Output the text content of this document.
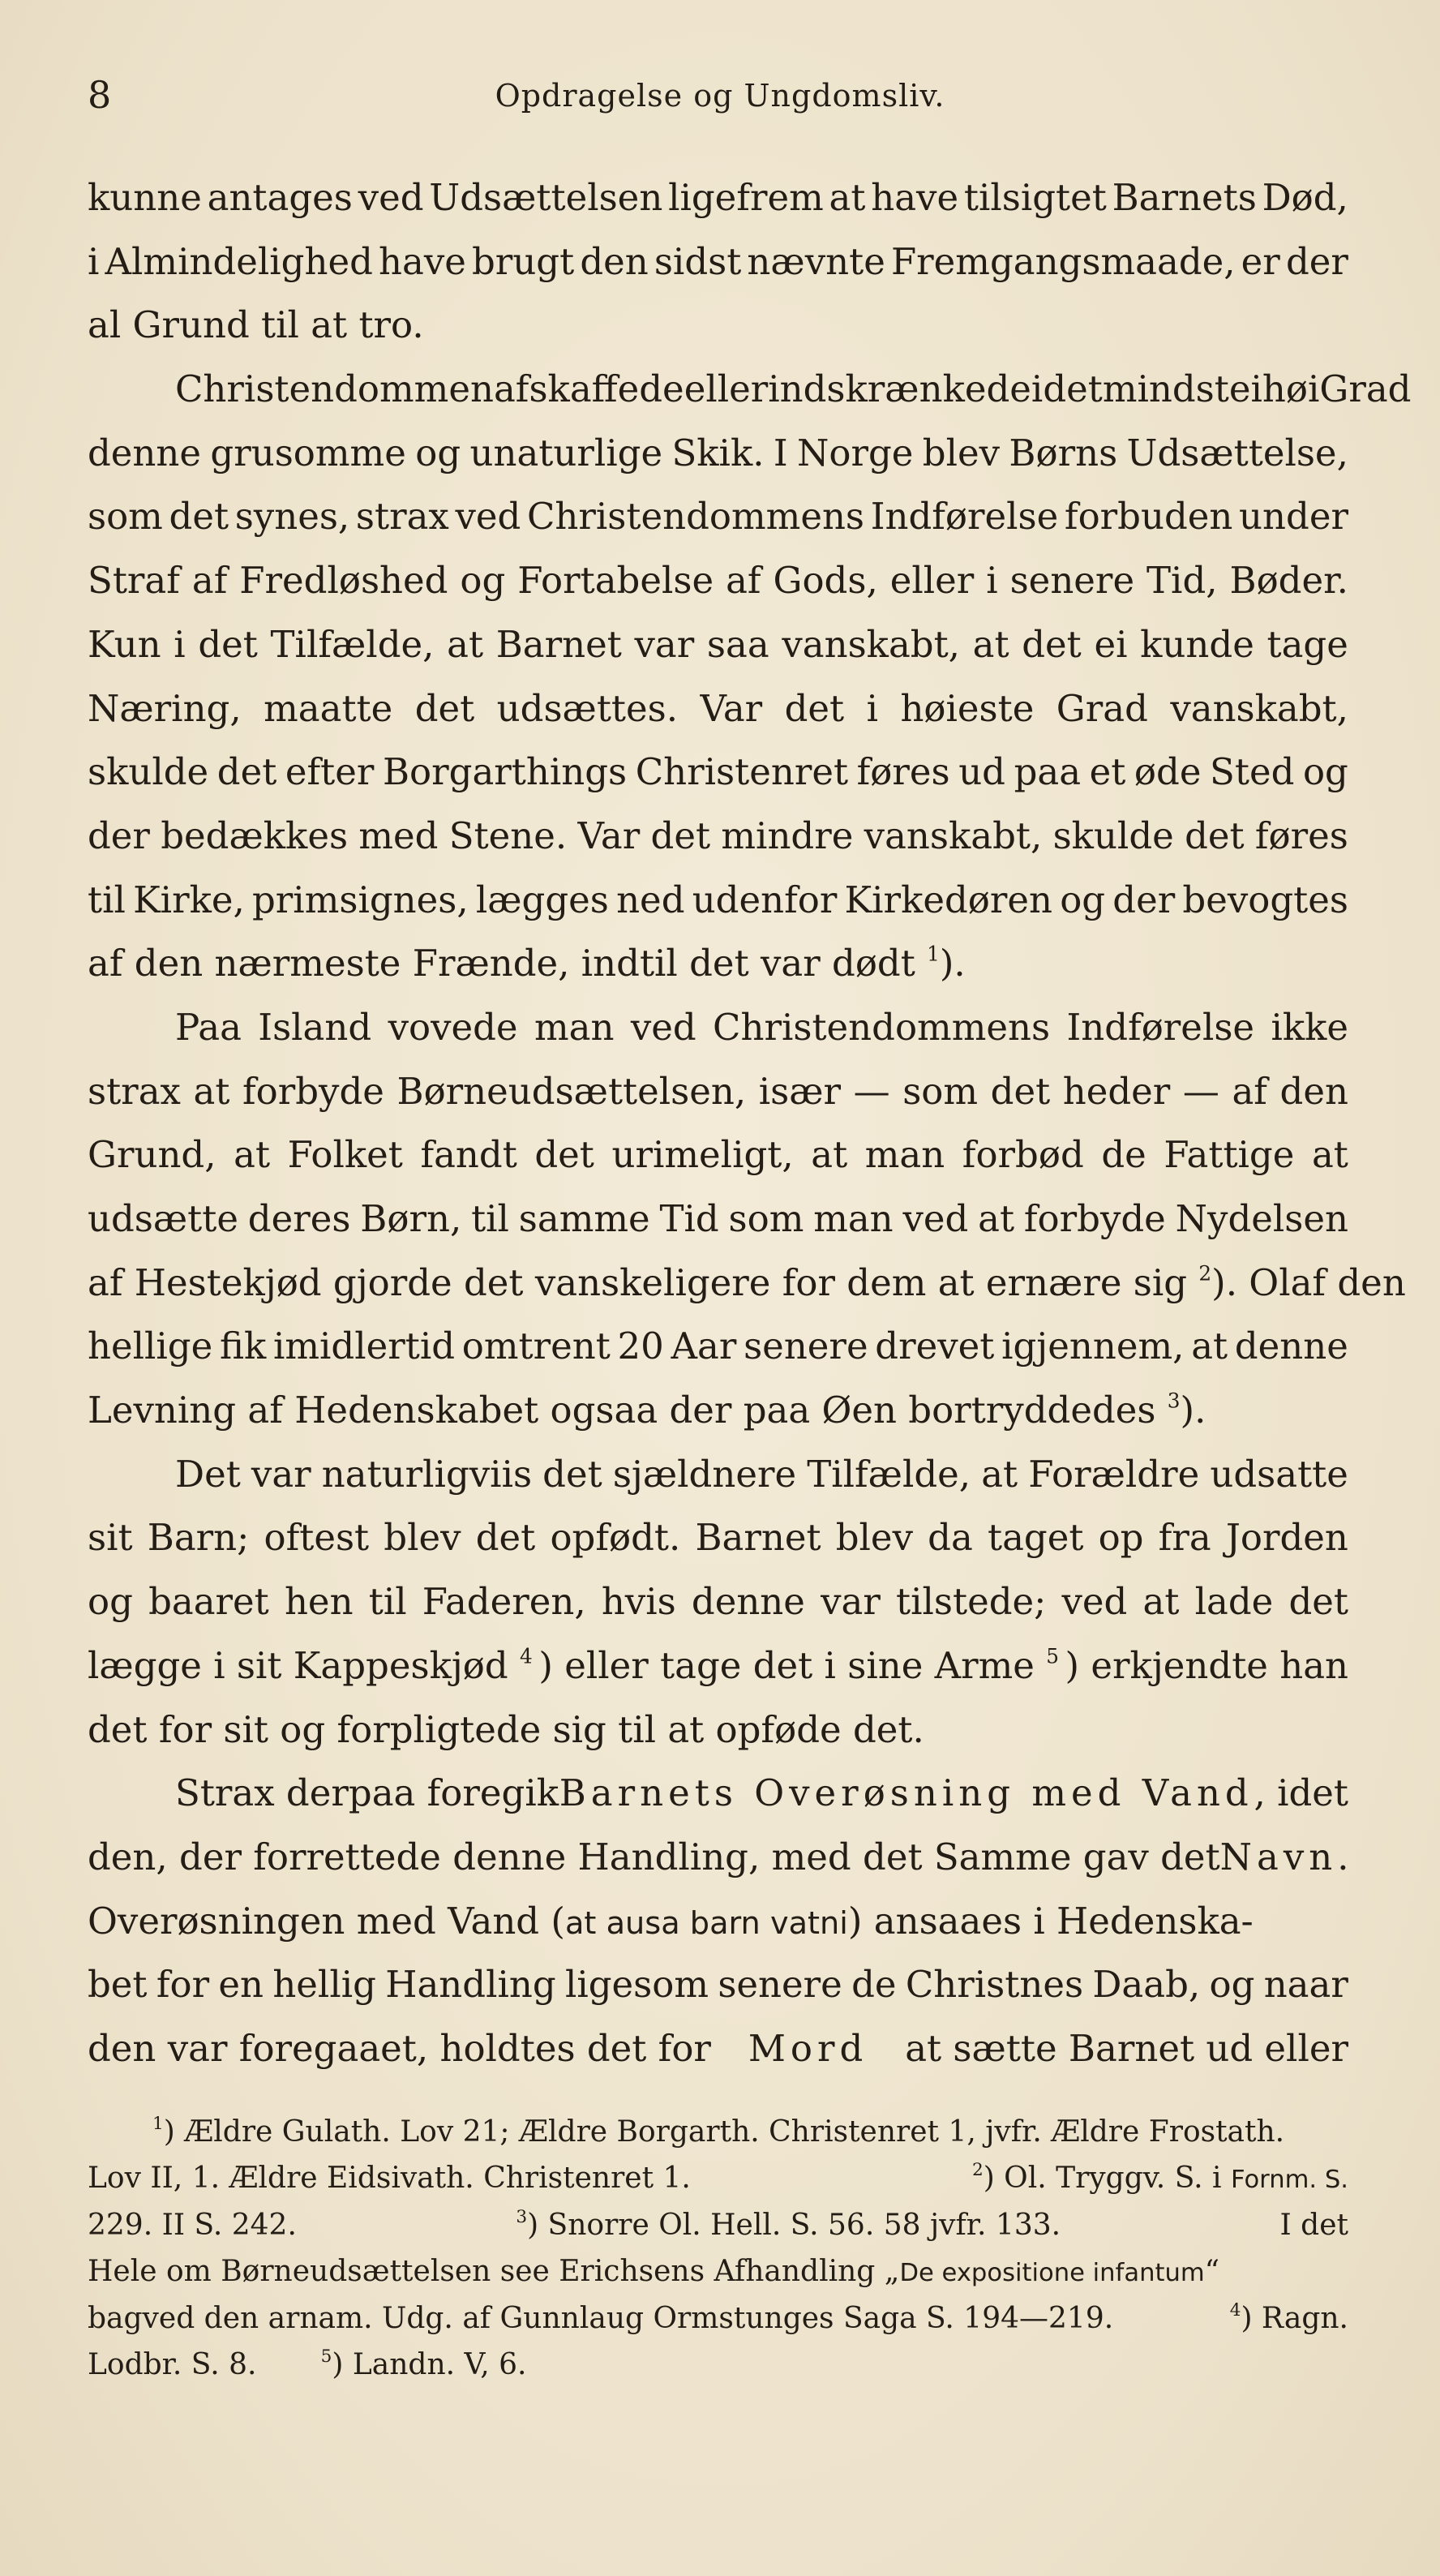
8	Opdragelse og Ungdomsliv.
kunne antages ved Udsættelsen ligefrem at have tilsigtet Barnets Død,
i Almindelighed have brugt den sidst nævnte Fremgangsmaade, er der
al Grund til at tro.
Christendommen afskaffede eller indskrænkede idetmindste i høi Grad
denne grusomme og unaturlige Skik. I Norge blev Børns Udsættelse,
som det synes, strax ved Christendommens Indførelse forbuden under
Straf af Fredløshed og Fortabelse af Gods, eller i senere Tid, Bøder.
Kun i det Tilfælde, at Barnet var saa vanskabt, at det ei kunde tage
Næring, maatte det udsættes. Var det i høieste Grad vanskabt,
skulde det efter Borgarthings Christenret føres ud paa et øde Sted og
der bedækkes med Stene. Var det mindre vanskabt, skulde det føres
til Kirke, primsignes, lægges ned udenfor Kirkedøren og der bevogtes
af den nærmeste Frænde, indtil det var dødt $^1$).
Paa Island vovede man ved Christendommens Indførelse ikke
strax at forbyde Børneudsættelsen, især — som det heder — af den
Grund, at Folket fandt det urimeligt, at man forbød de Fattige at
udsætte deres Børn, til samme Tid som man ved at forbyde Nydelsen
af Hestekjød gjorde det vanskeligere for dem at ernære sig $^2$ ). Olaf den
hellige fik imidlertid omtrent 20 Aar senere drevet igjennem, at denne
Levning af Hedenskabet ogsaa der paa Øen bortryddedes $^3$).
Det var naturligviis det sjældnere Tilfælde, at Forældre udsatte
sit Barn; oftest blev det opfødt. Barnet blev da taget op fra Jorden
og baaret hen til Faderen, hvis denne var tilstede; ved at lade det
lægge i sit Kappeskjød $^4$ ) eller tage det i sine Arme $^5$ ) erkjendte han
det for sit og forpligtede sig til at opføde det.
Strax derpaa foregik Barnets Overøsning med Vand , idet
den, der forrettede denne Handling, med det Samme gav det Navn.
Overøsningen med Vand (at ausa barn vatni) ansaaes i Hedenska-
bet for en hellig Handling ligesom senere de Christnes Daab, og naar
den var foregaaet, holdtes det for Mord at sætte Barnet ud eller
$^1$) Ældre Gulath. Lov 21; Ældre Borgarth. Christenret 1, jvfr. Ældre Frostath.
Lov II, 1. Ældre Eidsivath. Christenret 1.	$^2$) Ol. Tryggv. S. i Fornm. S.
229. II S. 242.	$^3$) Snorre Ol. Hell. S. 56. 58 jvfr. 133.	I det
Hele om Børneudsættelsen see Erichsens Afhandling „De expositione infantum“
bagved den arnam. Udg. af Gunnlaug Ormstunges Saga S. 194—219.	$^4$) Ragn.
Lodbr. S. 8.	$^5$) Landn. V, 6.
